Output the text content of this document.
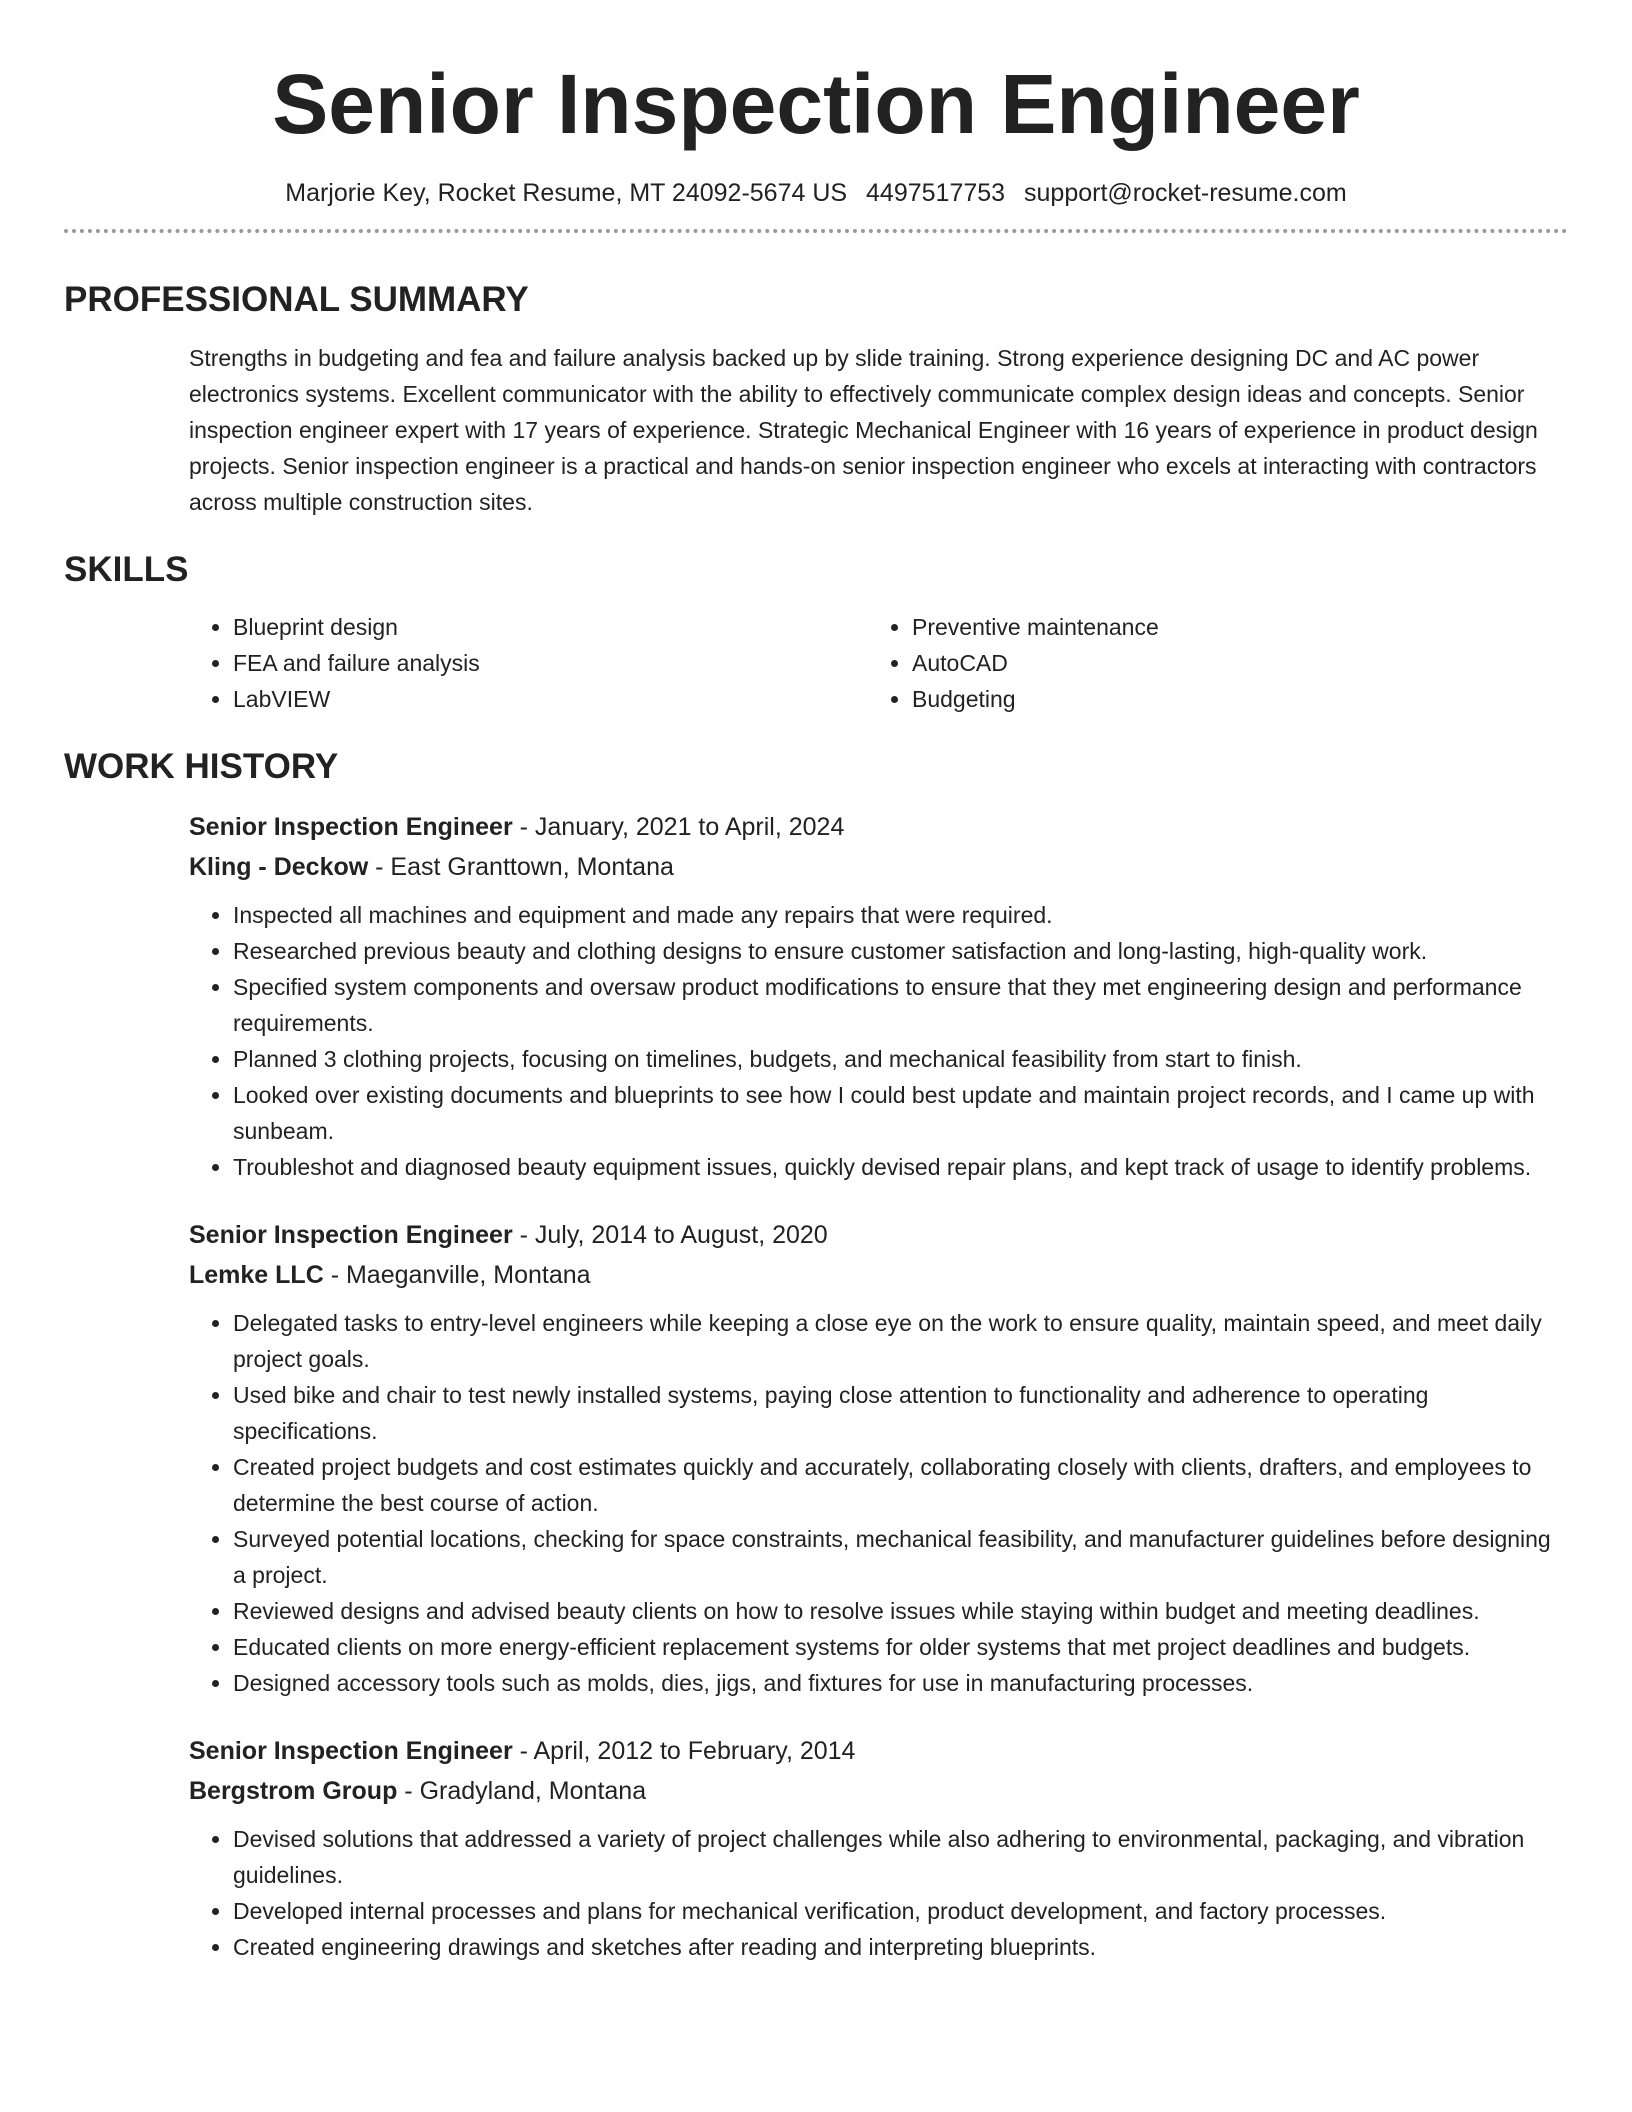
Senior Inspection Engineer
Marjorie Key, Rocket Resume, MT 24092-5674 US 4497517753 support@rocket-resume.com
PROFESSIONAL SUMMARY

Strengths in budgeting and fea and failure analysis backed up by slide training. Strong experience designing DC and AC power electronics systems. Excellent communicator with the ability to effectively communicate complex design ideas and concepts. Senior inspection engineer expert with 17 years of experience. Strategic Mechanical Engineer with 16 years of experience in product design projects. Senior inspection engineer is a practical and hands-on senior inspection engineer who excels at interacting with contractors across multiple construction sites.

SKILLS
• Blueprint design
• FEA and failure analysis
• LabVIEW
• Preventive maintenance
• AutoCAD
• Budgeting
WORK HISTORY
Senior Inspection Engineer - January, 2021 to April, 2024
Kling - Deckow - East Granttown, Montana
• Inspected all machines and equipment and made any repairs that were required.
• Researched previous beauty and clothing designs to ensure customer satisfaction and long-lasting, high-quality work.
• Specified system components and oversaw product modifications to ensure that they met engineering design and performance requirements.
• Planned 3 clothing projects, focusing on timelines, budgets, and mechanical feasibility from start to finish.
• Looked over existing documents and blueprints to see how I could best update and maintain project records, and I came up with sunbeam.
• Troubleshot and diagnosed beauty equipment issues, quickly devised repair plans, and kept track of usage to identify problems.
Senior Inspection Engineer - July, 2014 to August, 2020
Lemke LLC - Maeganville, Montana
• Delegated tasks to entry-level engineers while keeping a close eye on the work to ensure quality, maintain speed, and meet daily project goals.
• Used bike and chair to test newly installed systems, paying close attention to functionality and adherence to operating specifications.
• Created project budgets and cost estimates quickly and accurately, collaborating closely with clients, drafters, and employees to determine the best course of action.
• Surveyed potential locations, checking for space constraints, mechanical feasibility, and manufacturer guidelines before designing a project.
• Reviewed designs and advised beauty clients on how to resolve issues while staying within budget and meeting deadlines.
• Educated clients on more energy-efficient replacement systems for older systems that met project deadlines and budgets.
• Designed accessory tools such as molds, dies, jigs, and fixtures for use in manufacturing processes.
Senior Inspection Engineer - April, 2012 to February, 2014
Bergstrom Group - Gradyland, Montana
• Devised solutions that addressed a variety of project challenges while also adhering to environmental, packaging, and vibration guidelines.
• Developed internal processes and plans for mechanical verification, product development, and factory processes.
• Created engineering drawings and sketches after reading and interpreting blueprints.
